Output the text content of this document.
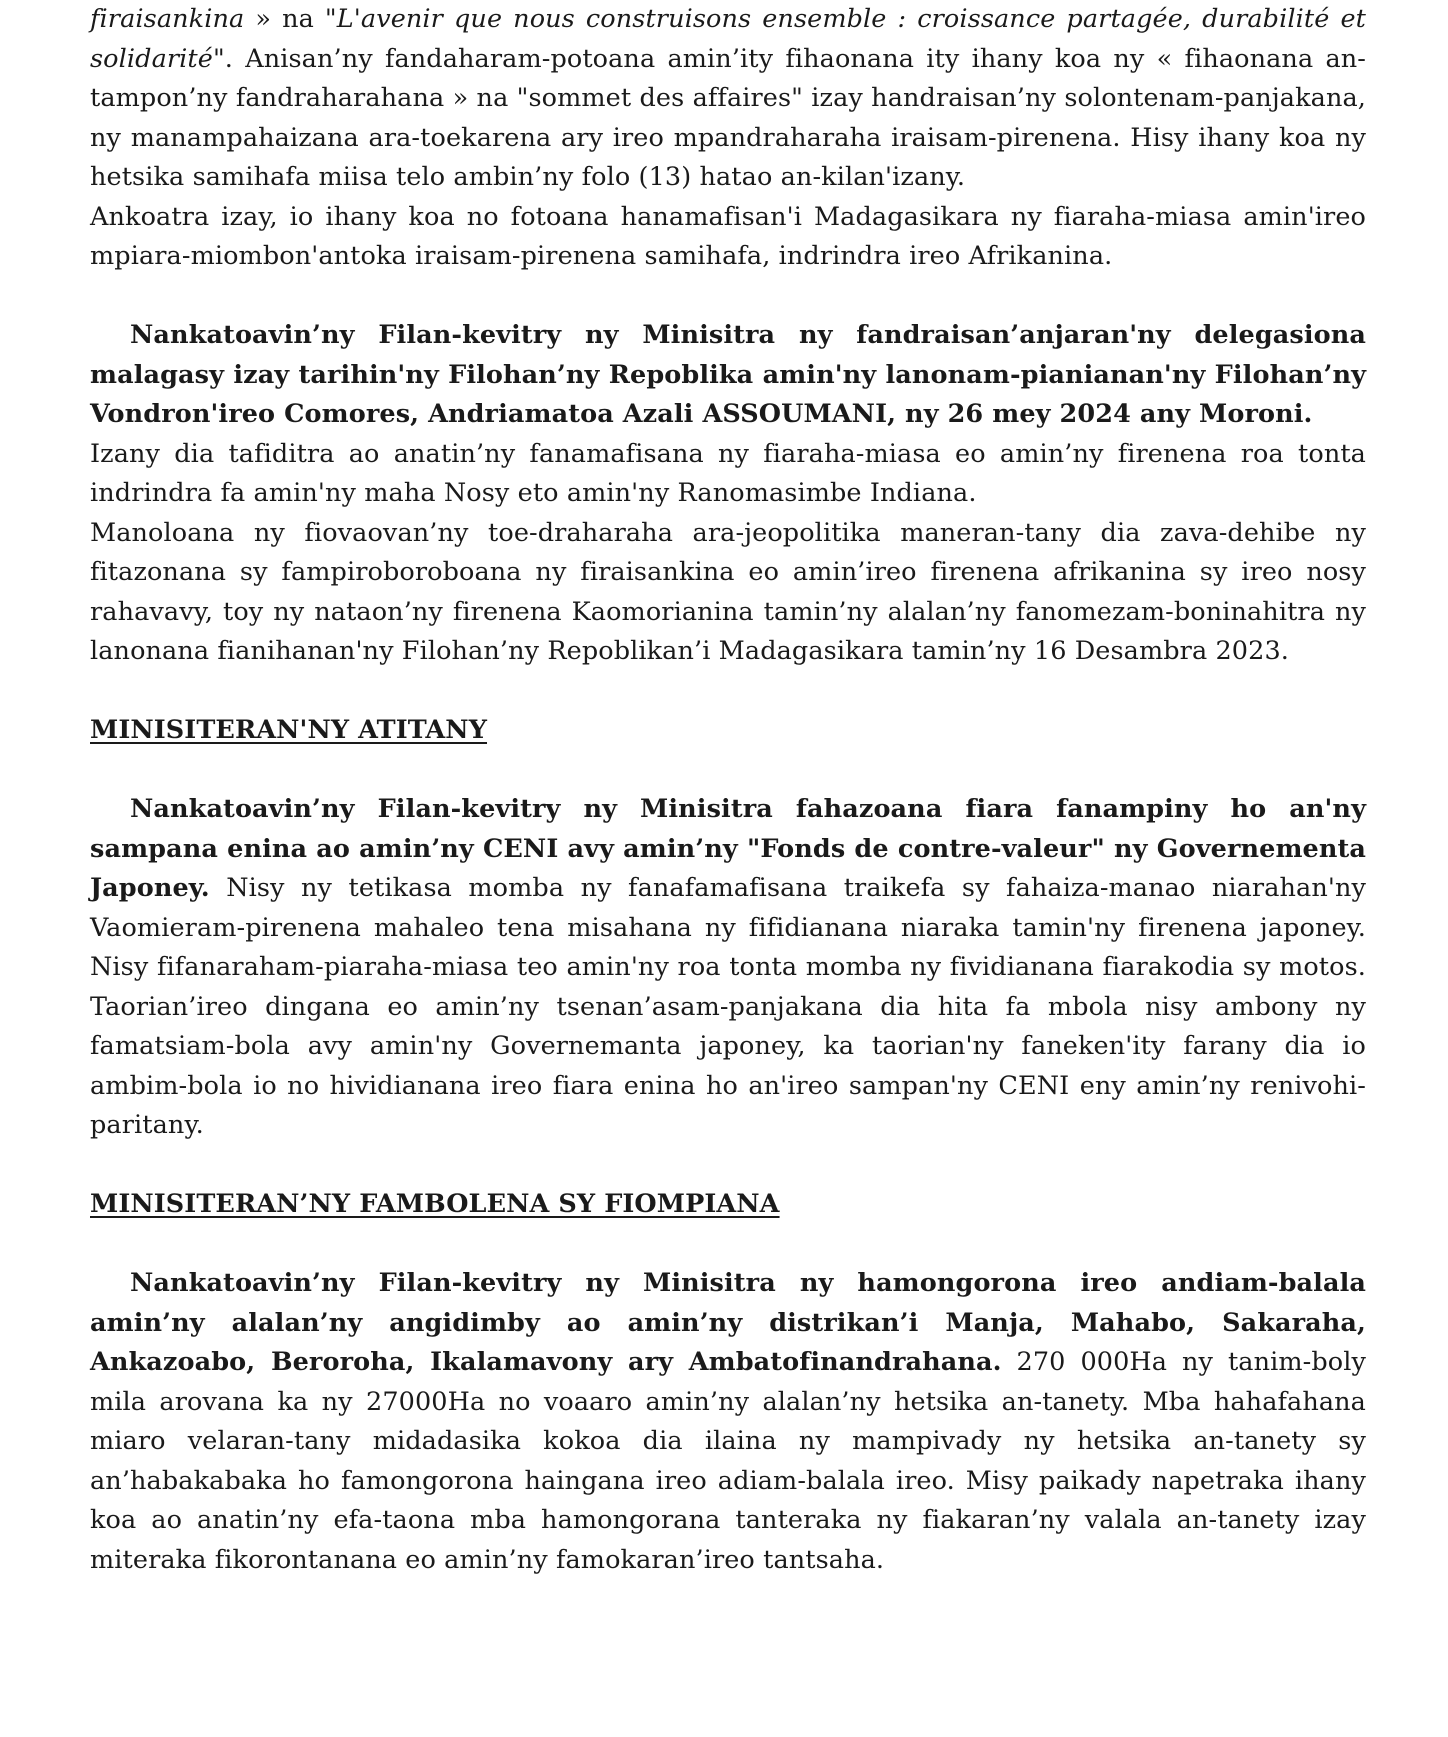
firaisankina » na "L'avenir que nous construisons ensemble : croissance partagée, durabilité et solidarité". Anisan’ny fandaharam-potoana amin’ity fihaonana ity ihany koa ny « fihaonana an-tampon’ny fandraharahana » na "sommet des affaires" izay handraisan’ny solontenam-panjakana, ny manampahaizana ara-toekarena ary ireo mpandraharaha iraisam-pirenena. Hisy ihany koa ny hetsika samihafa miisa telo ambin’ny folo (13) hatao an-kilan'izany.

Ankoatra izay, io ihany koa no fotoana hanamafisan'i Madagasikara ny fiaraha-miasa amin'ireo mpiara-miombon'antoka iraisam-pirenena samihafa, indrindra ireo Afrikanina.

Nankatoavin’ny Filan-kevitry ny Minisitra ny fandraisan’anjaran'ny delegasiona malagasy izay tarihin'ny Filohan’ny Repoblika amin'ny lanonam-pianianan'ny Filohan’ny Vondron'ireo Comores, Andriamatoa Azali ASSOUMANI, ny 26 mey 2024 any Moroni.

Izany dia tafiditra ao anatin’ny fanamafisana ny fiaraha-miasa eo amin’ny firenena roa tonta indrindra fa amin'ny maha Nosy eto amin'ny Ranomasimbe Indiana.

Manoloana ny fiovaovan’ny toe-draharaha ara-jeopolitika maneran-tany dia zava-dehibe ny fitazonana sy fampiroboroboana ny firaisankina eo amin’ireo firenena afrikanina sy ireo nosy rahavavy, toy ny nataon’ny firenena Kaomorianina tamin’ny alalan’ny fanomezam-boninahitra ny lanonana fianihanan'ny Filohan’ny Repoblikan’i Madagasikara tamin’ny 16 Desambra 2023.

MINISITERAN'NY ATITANY

Nankatoavin’ny Filan-kevitry ny Minisitra fahazoana fiara fanampiny ho an'ny sampana enina ao amin’ny CENI avy amin’ny "Fonds de contre-valeur" ny Governementa Japoney. Nisy ny tetikasa momba ny fanafamafisana traikefa sy fahaiza-manao niarahan'ny Vaomieram-pirenena mahaleo tena misahana ny fifidianana niaraka tamin'ny firenena japoney. Nisy fifanaraham-piaraha-miasa teo amin'ny roa tonta momba ny fividianana fiarakodia sy motos. Taorian’ireo dingana eo amin’ny tsenan’asam-panjakana dia hita fa mbola nisy ambony ny famatsiam-bola avy amin'ny Governemanta japoney, ka taorian'ny faneken'ity farany dia io ambim-bola io no hividianana ireo fiara enina ho an'ireo sampan'ny CENI eny amin’ny renivohi-paritany.

MINISITERAN’NY FAMBOLENA SY FIOMPIANA

Nankatoavin’ny Filan-kevitry ny Minisitra ny hamongorona ireo andiam-balala amin’ny alalan’ny angidimby ao amin’ny distrikan’i Manja, Mahabo, Sakaraha, Ankazoabo, Beroroha, Ikalamavony ary Ambatofinandrahana. 270 000Ha ny tanim-boly mila arovana ka ny 27000Ha no voaaro amin’ny alalan’ny hetsika an-tanety. Mba hahafahana miaro velaran-tany midadasika kokoa dia ilaina ny mampivady ny hetsika an-tanety sy an’habakabaka ho famongorona haingana ireo adiam-balala ireo. Misy paikady napetraka ihany koa ao anatin’ny efa-taona mba hamongorana tanteraka ny fiakaran’ny valala an-tanety izay miteraka fikorontanana eo amin’ny famokaran’ireo tantsaha.
